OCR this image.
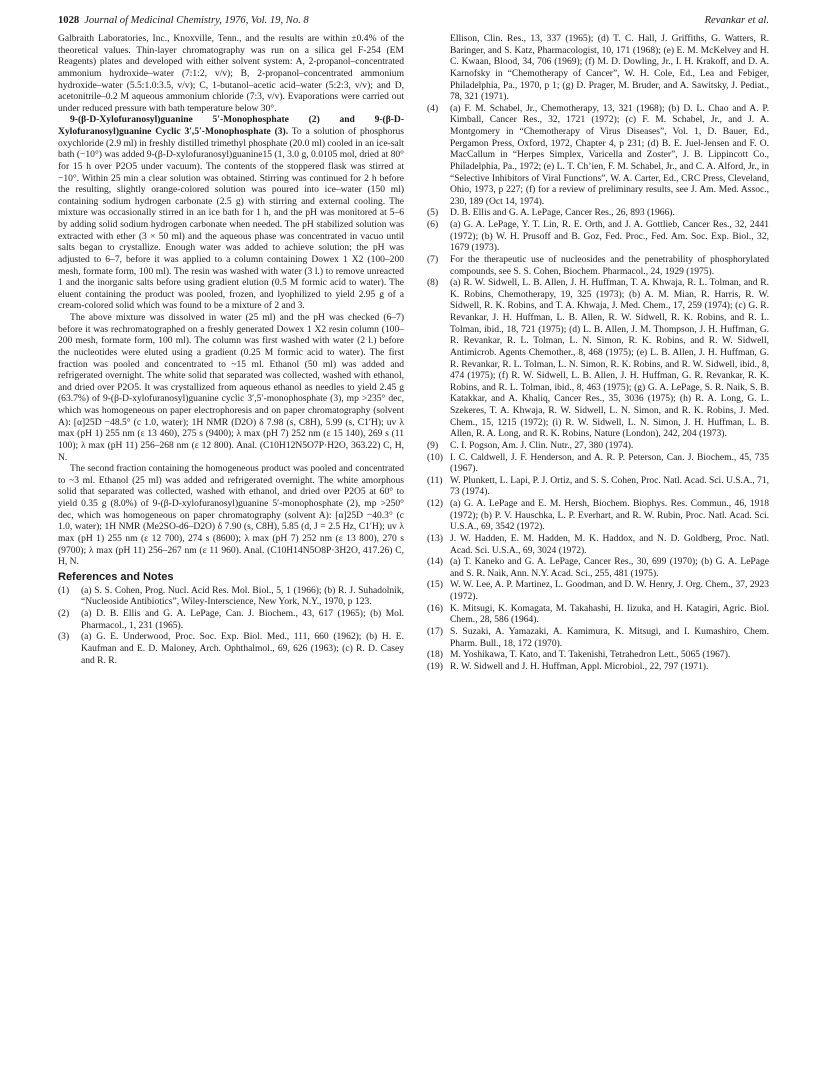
1028 Journal of Medicinal Chemistry, 1976, Vol. 19, No. 8	Revankar et al.

Galbraith Laboratories, Inc., Knoxville, Tenn., and the results are within ±0.4% of the theoretical values. Thin-layer chromatography was run on a silica gel F-254 (EM Reagents) plates and developed with either solvent system: A, 2-propanol–concentrated ammonium hydroxide–water (7:1:2, v/v); B, 2-propanol–concentrated ammonium hydroxide–water (5.5:1.0:3.5, v/v); C, 1-butanol–acetic acid–water (5:2:3, v/v); and D, acetonitrile–0.2 M aqueous ammonium chloride (7:3, v/v). Evaporations were carried out under reduced pressure with bath temperature below 30°.

9-(β-D-Xylofuranosyl)guanine 5′-Monophosphate (2) and 9-(β-D-Xylofuranosyl)guanine Cyclic 3′,5′-Monophosphate (3). To a solution of phosphorus oxychloride (2.9 ml) in freshly distilled trimethyl phosphate (20.0 ml) cooled in an ice-salt bath (−10°) was added 9-(β-D-xylofuranosyl)guanine15 (1, 3.0 g, 0.0105 mol, dried at 80° for 15 h over P2O5 under vacuum). The contents of the stoppered flask was stirred at −10°. Within 25 min a clear solution was obtained. Stirring was continued for 2 h before the resulting, slightly orange-colored solution was poured into ice–water (150 ml) containing sodium hydrogen carbonate (2.5 g) with stirring and external cooling. The mixture was occasionally stirred in an ice bath for 1 h, and the pH was monitored at 5–6 by adding solid sodium hydrogen carbonate when needed. The pH stabilized solution was extracted with ether (3 × 50 ml) and the aqueous phase was concentrated in vacuo until salts began to crystallize. Enough water was added to achieve solution; the pH was adjusted to 6–7, before it was applied to a column containing Dowex 1 X2 (100–200 mesh, formate form, 100 ml). The resin was washed with water (3 l.) to remove unreacted 1 and the inorganic salts before using gradient elution (0.5 M formic acid to water). The eluent containing the product was pooled, frozen, and lyophilized to yield 2.95 g of a cream-colored solid which was found to be a mixture of 2 and 3.

The above mixture was dissolved in water (25 ml) and the pH was checked (6–7) before it was rechromatographed on a freshly generated Dowex 1 X2 resin column (100–200 mesh, formate form, 100 ml). The column was first washed with water (2 l.) before the nucleotides were eluted using a gradient (0.25 M formic acid to water). The first fraction was pooled and concentrated to ~15 ml. Ethanol (50 ml) was added and refrigerated overnight. The white solid that separated was collected, washed with ethanol, and dried over P2O5. It was crystallized from aqueous ethanol as needles to yield 2.45 g (63.7%) of 9-(β-D-xylofuranosyl)guanine cyclic 3′,5′-monophosphate (3), mp >235° dec, which was homogeneous on paper electrophoresis and on paper chromatography (solvent A): [α]25D −48.5° (c 1.0, water); 1H NMR (D2O) δ 7.98 (s, C8H), 5.99 (s, C1′H); uv λ max (pH 1) 255 nm (ε 13 460), 275 s (9400); λ max (pH 7) 252 nm (ε 15 140), 269 s (11 100); λ max (pH 11) 256–268 nm (ε 12 800). Anal. (C10H12N5O7P·H2O, 363.22) C, H, N.

The second fraction containing the homogeneous product was pooled and concentrated to ~3 ml. Ethanol (25 ml) was added and refrigerated overnight. The white amorphous solid that separated was collected, washed with ethanol, and dried over P2O5 at 60° to yield 0.35 g (8.0%) of 9-(β-D-xylofuranosyl)guanine 5′-monophosphate (2), mp >250° dec, which was homogeneous on paper chromatography (solvent A): [α]25D −40.3° (c 1.0, water); 1H NMR (Me2SO-d6–D2O) δ 7.90 (s, C8H), 5.85 (d, J = 2.5 Hz, C1′H); uv λ max (pH 1) 255 nm (ε 12 700), 274 s (8600); λ max (pH 7) 252 nm (ε 13 800), 270 s (9700); λ max (pH 11) 256–267 nm (ε 11 960). Anal. (C10H14N5O8P·3H2O, 417.26) C, H, N.

References and Notes
(1)	(a) S. S. Cohen, Prog. Nucl. Acid Res. Mol. Biol., 5, 1 (1966); (b) R. J. Suhadolnik, “Nucleoside Antibiotics”, Wiley-Interscience, New York, N.Y., 1970, p 123.
(2)	(a) D. B. Ellis and G. A. LePage, Can. J. Biochem., 43, 617 (1965); (b) Mol. Pharmacol., 1, 231 (1965).
(3)	(a) G. E. Underwood, Proc. Soc. Exp. Biol. Med., 111, 660 (1962); (b) H. E. Kaufman and E. D. Maloney, Arch. Ophthalmol., 69, 626 (1963); (c) R. D. Casey and R. R.
Ellison, Clin. Res., 13, 337 (1965); (d) T. C. Hall, J. Griffiths, G. Watters, R. Baringer, and S. Katz, Pharmacologist, 10, 171 (1968); (e) E. M. McKelvey and H. C. Kwaan, Blood, 34, 706 (1969); (f) M. D. Dowling, Jr., I. H. Krakoff, and D. A. Karnofsky in “Chemotherapy of Cancer”, W. H. Cole, Ed., Lea and Febiger, Philadelphia, Pa., 1970, p 1; (g) D. Prager, M. Bruder, and A. Sawitsky, J. Pediat., 78, 321 (1971).
(4)	(a) F. M. Schabel, Jr., Chemotherapy, 13, 321 (1968); (b) D. L. Chao and A. P. Kimball, Cancer Res., 32, 1721 (1972); (c) F. M. Schabel, Jr., and J. A. Montgomery in “Chemotherapy of Virus Diseases”, Vol. 1, D. Bauer, Ed., Pergamon Press, Oxford, 1972, Chapter 4, p 231; (d) B. E. Juel-Jensen and F. O. MacCallum in “Herpes Simplex, Varicella and Zoster”, J. B. Lippincott Co., Philadelphia, Pa., 1972; (e) L. T. Ch’ien, F. M. Schabel, Jr., and C. A. Alford, Jr., in “Selective Inhibitors of Viral Functions”, W. A. Carter, Ed., CRC Press, Cleveland, Ohio, 1973, p 227; (f) for a review of preliminary results, see J. Am. Med. Assoc., 230, 189 (Oct 14, 1974).
(5)	D. B. Ellis and G. A. LePage, Cancer Res., 26, 893 (1966).
(6)	(a) G. A. LePage, Y. T. Lin, R. E. Orth, and J. A. Gottlieb, Cancer Res., 32, 2441 (1972); (b) W. H. Prusoff and B. Goz, Fed. Proc., Fed. Am. Soc. Exp. Biol., 32, 1679 (1973).
(7)	For the therapeutic use of nucleosides and the penetrability of phosphorylated compounds, see S. S. Cohen, Biochem. Pharmacol., 24, 1929 (1975).
(8)	(a) R. W. Sidwell, L. B. Allen, J. H. Huffman, T. A. Khwaja, R. L. Tolman, and R. K. Robins, Chemotherapy, 19, 325 (1973); (b) A. M. Mian, R. Harris, R. W. Sidwell, R. K. Robins, and T. A. Khwaja, J. Med. Chem., 17, 259 (1974); (c) G. R. Revankar, J. H. Huffman, L. B. Allen, R. W. Sidwell, R. K. Robins, and R. L. Tolman, ibid., 18, 721 (1975); (d) L. B. Allen, J. M. Thompson, J. H. Huffman, G. R. Revankar, R. L. Tolman, L. N. Simon, R. K. Robins, and R. W. Sidwell, Antimicrob. Agents Chemother., 8, 468 (1975); (e) L. B. Allen, J. H. Huffman, G. R. Revankar, R. L. Tolman, L. N. Simon, R. K. Robins, and R. W. Sidwell, ibid., 8, 474 (1975); (f) R. W. Sidwell, L. B. Allen, J. H. Huffman, G. R. Revankar, R. K. Robins, and R. L. Tolman, ibid., 8, 463 (1975); (g) G. A. LePage, S. R. Naik, S. B. Katakkar, and A. Khaliq, Cancer Res., 35, 3036 (1975); (h) R. A. Long, G. L. Szekeres, T. A. Khwaja, R. W. Sidwell, L. N. Simon, and R. K. Robins, J. Med. Chem., 15, 1215 (1972); (i) R. W. Sidwell, L. N. Simon, J. H. Huffman, L. B. Allen, R. A. Long, and R. K. Robins, Nature (London), 242, 204 (1973).
(9)	C. I. Pogson, Am. J. Clin. Nutr., 27, 380 (1974).
(10) I. C. Caldwell, J. F. Henderson, and A. R. P. Peterson, Can. J. Biochem., 45, 735 (1967).
(11) W. Plunkett, L. Lapi, P. J. Ortiz, and S. S. Cohen, Proc. Natl. Acad. Sci. U.S.A., 71, 73 (1974).
(12) (a) G. A. LePage and E. M. Hersh, Biochem. Biophys. Res. Commun., 46, 1918 (1972); (b) P. V. Hauschka, L. P. Everhart, and R. W. Rubin, Proc. Natl. Acad. Sci. U.S.A., 69, 3542 (1972).
(13) J. W. Hadden, E. M. Hadden, M. K. Haddox, and N. D. Goldberg, Proc. Natl. Acad. Sci. U.S.A., 69, 3024 (1972).
(14) (a) T. Kaneko and G. A. LePage, Cancer Res., 30, 699 (1970); (b) G. A. LePage and S. R. Naik, Ann. N.Y. Acad. Sci., 255, 481 (1975).
(15) W. W. Lee, A. P. Martinez, L. Goodman, and D. W. Henry, J. Org. Chem., 37, 2923 (1972).
(16) K. Mitsugi, K. Komagata, M. Takahashi, H. Iizuka, and H. Katagiri, Agric. Biol. Chem., 28, 586 (1964).
(17) S. Suzaki, A. Yamazaki, A. Kamimura, K. Mitsugi, and I. Kumashiro, Chem. Pharm. Bull., 18, 172 (1970).
(18) M. Yoshikawa, T. Kato, and T. Takenishi, Tetrahedron Lett., 5065 (1967).
(19) R. W. Sidwell and J. H. Huffman, Appl. Microbiol., 22, 797 (1971).
